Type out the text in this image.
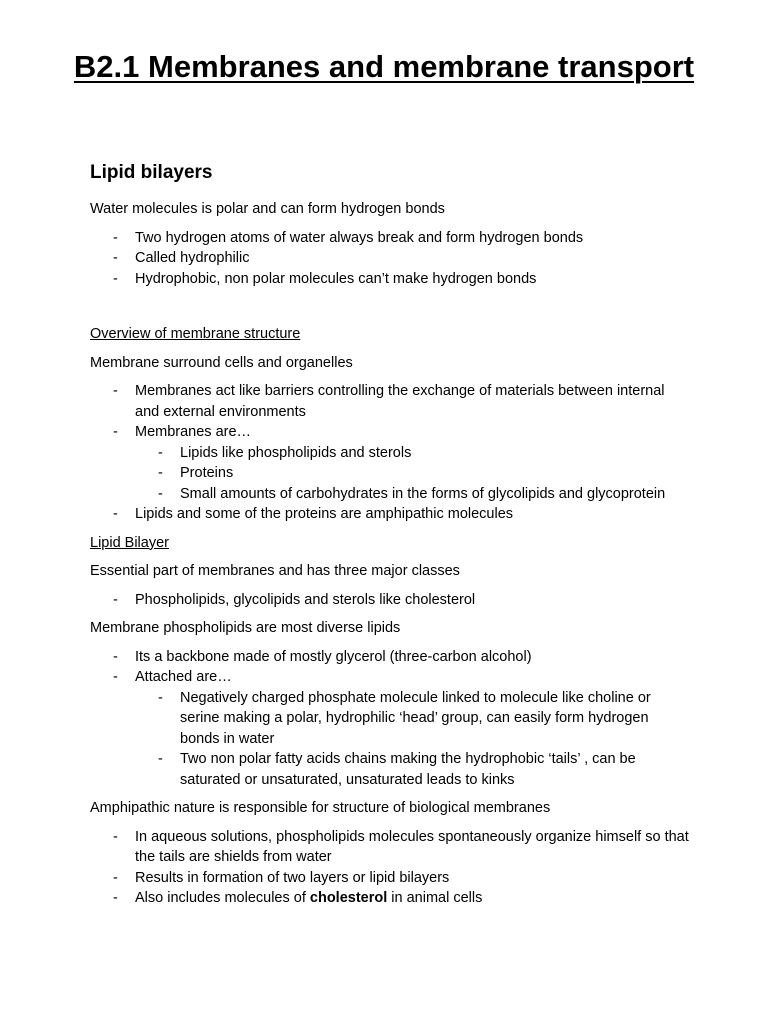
B2.1 Membranes and membrane transport
Lipid bilayers

Water molecules is polar and can form hydrogen bonds

- Two hydrogen atoms of water always break and form hydrogen bonds
- Called hydrophilic
- Hydrophobic, non polar molecules can’t make hydrogen bonds

Overview of membrane structure

Membrane surround cells and organelles

- Membranes act like barriers controlling the exchange of materials between internal and external environments
- Membranes are…
- Lipids like phospholipids and sterols
- Proteins
- Small amounts of carbohydrates in the forms of glycolipids and glycoprotein
- Lipids and some of the proteins are amphipathic molecules

Lipid Bilayer

Essential part of membranes and has three major classes

- Phospholipids, glycolipids and sterols like cholesterol

Membrane phospholipids are most diverse lipids

- Its a backbone made of mostly glycerol (three-carbon alcohol)
- Attached are…
- Negatively charged phosphate molecule linked to molecule like choline or serine making a polar, hydrophilic ‘head’ group, can easily form hydrogen bonds in water
- Two non polar fatty acids chains making the hydrophobic ‘tails’ , can be saturated or unsaturated, unsaturated leads to kinks

Amphipathic nature is responsible for structure of biological membranes

- In aqueous solutions, phospholipids molecules spontaneously organize himself so that the tails are shields from water
- Results in formation of two layers or lipid bilayers
- Also includes molecules of cholesterol in animal cells
